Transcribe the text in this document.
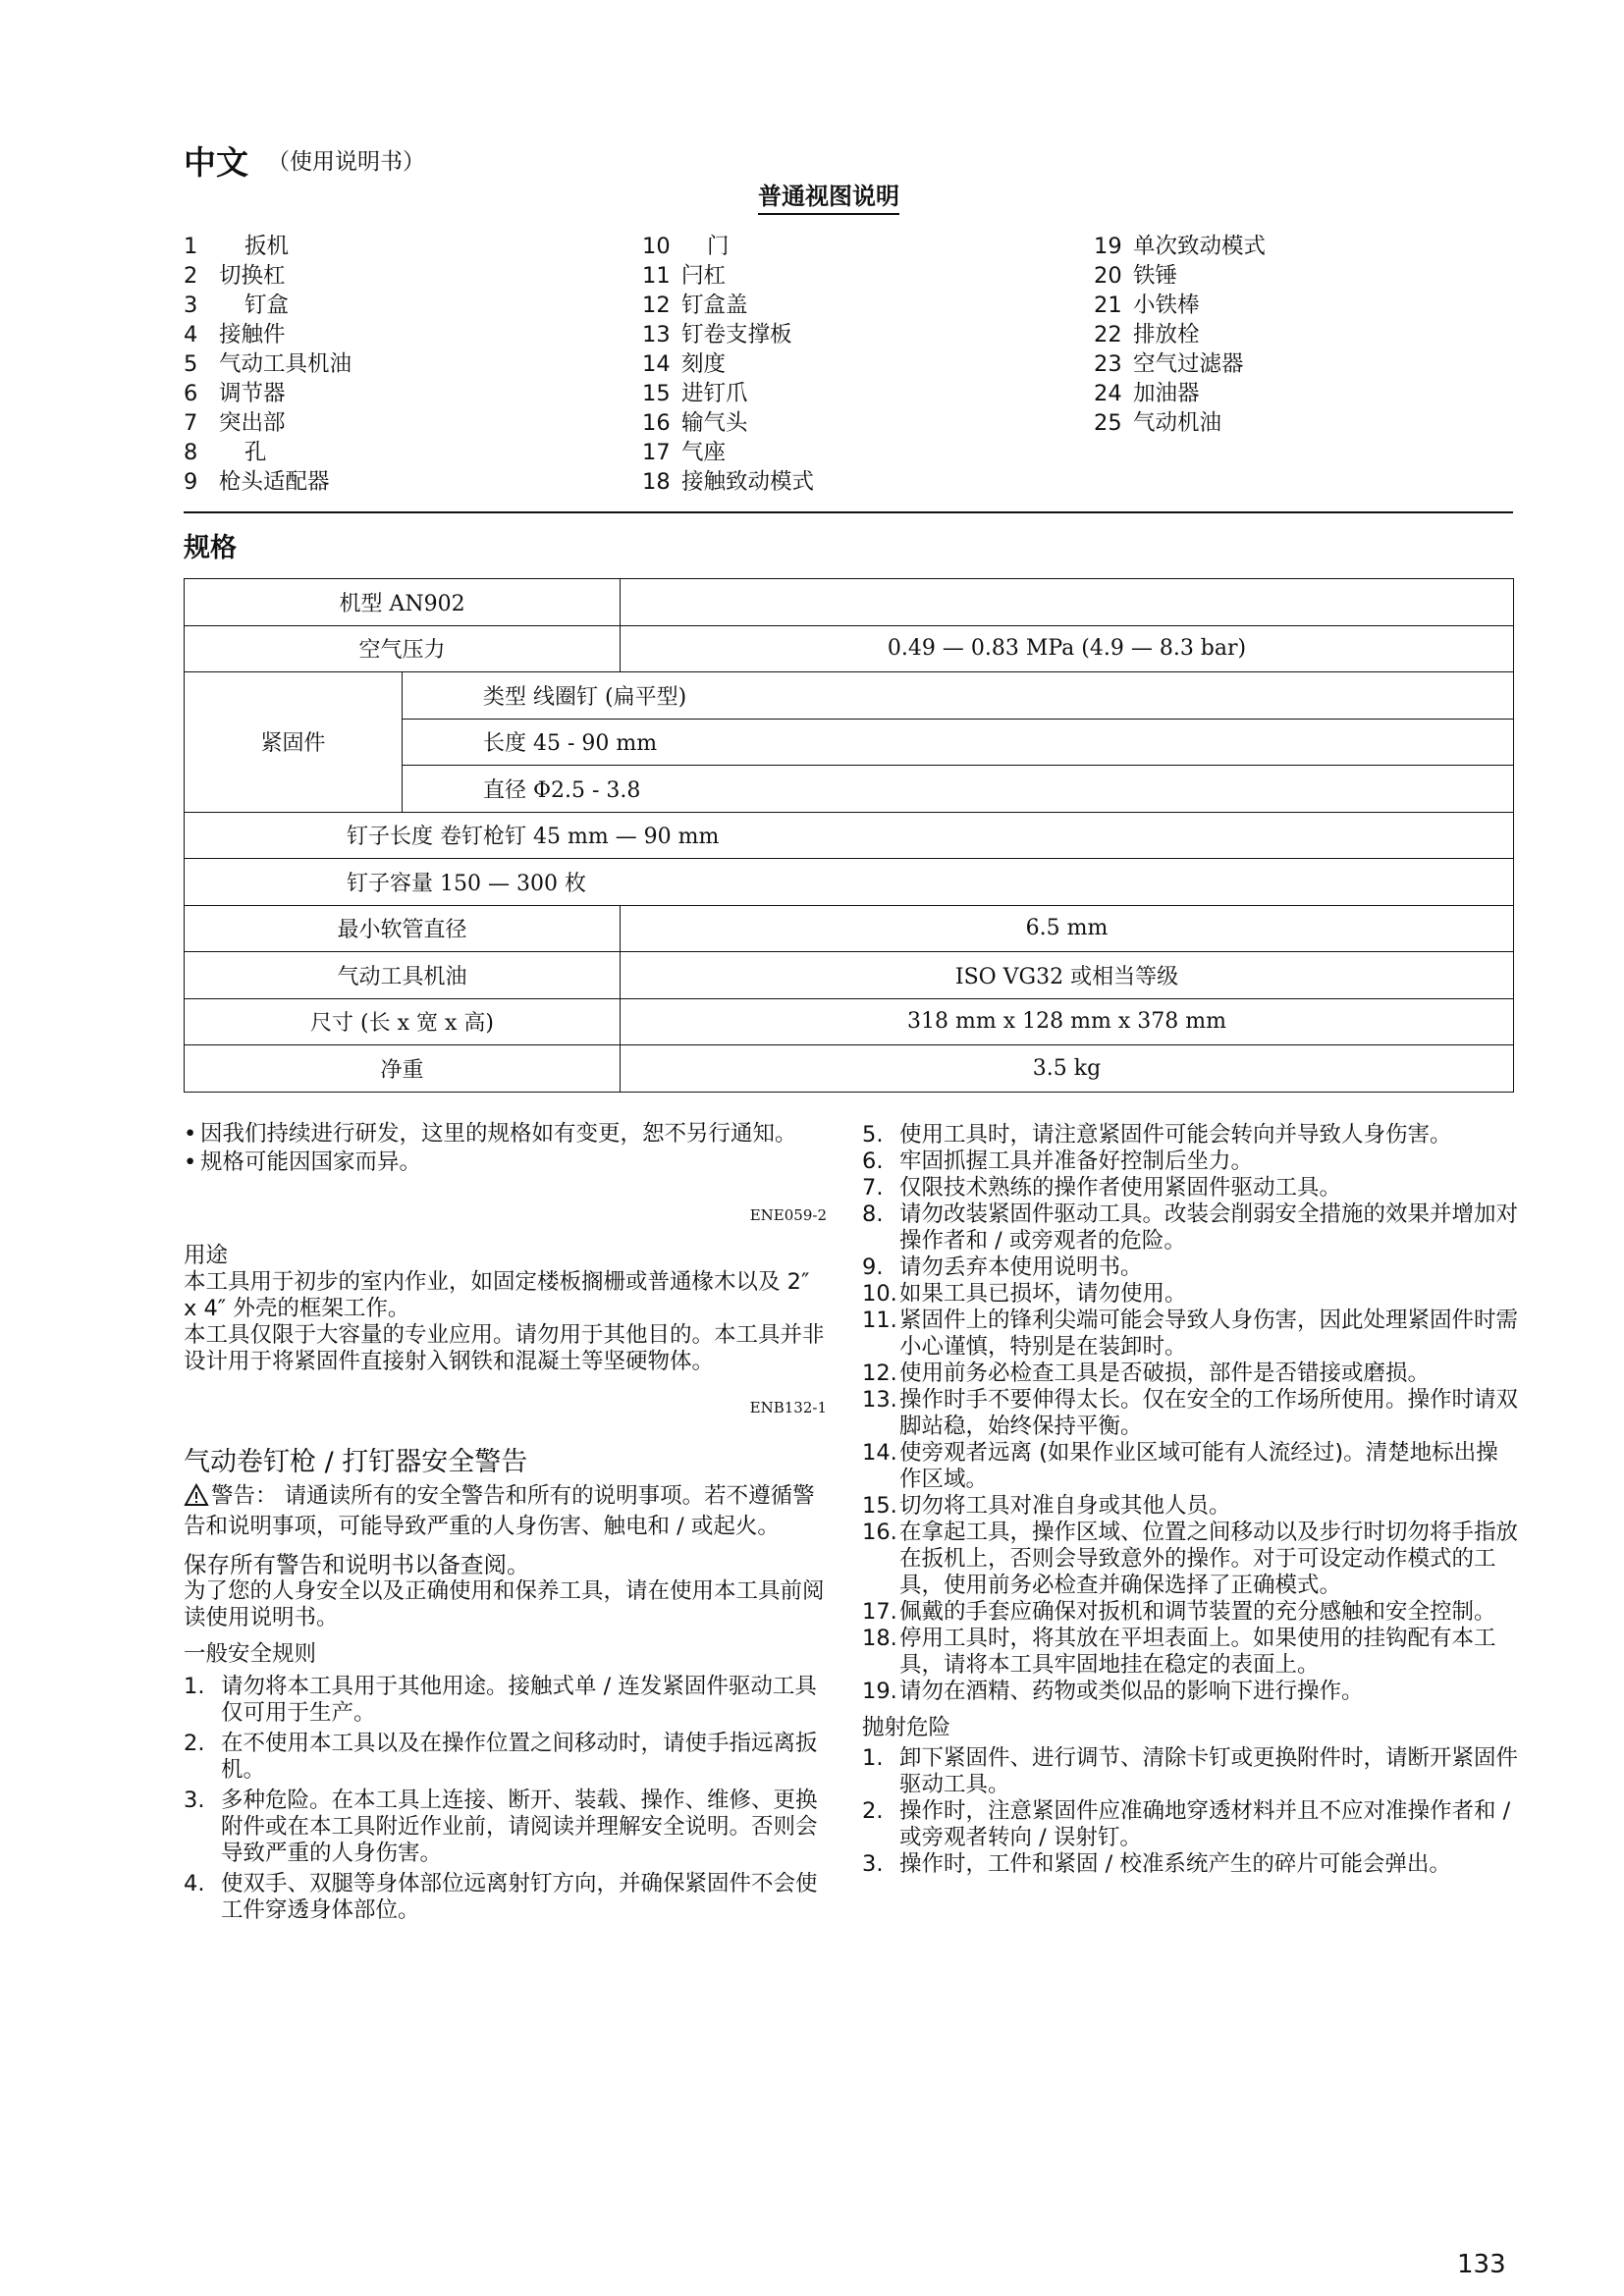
中文 （使用说明书）
普通视图说明
1	扳机
2 切换杠
3	钉盒
4 接触件
5 气动工具机油
6 调节器
7 突出部
8	孔
9 枪头适配器
10	门
11 闩杠
12 钉盒盖
13 钉卷支撑板
14 刻度
15 进钉爪
16 输气头
17 气座
18 接触致动模式
19 单次致动模式
20 铁锤
21 小铁棒
22 排放栓
23 空气过滤器
24 加油器
25 气动机油
规格
机型 AN902		
空气压力		0.49 — 0.83 MPa (4.9 — 8.3 bar)
紧固件	类型 线圈钉 (扁平型)	
	长度 45 - 90 mm	
	直径 Φ2.5 - 3.8	
钉子长度 卷钉枪钉 45 mm — 90 mm		
钉子容量 150 — 300 枚		
最小软管直径		6.5 mm
气动工具机油		ISO VG32 或相当等级
尺寸 (长 x 宽 x 高)		318 mm x 128 mm x 378 mm
净重		3.5 kg
• 因我们持续进行研发，这里的规格如有变更，恕不另行通知。
• 规格可能因国家而异。
ENE059-2
用途
本工具用于初步的室内作业，如固定楼板搁栅或普通椽木以及 2″ x 4″ 外壳的框架工作。
本工具仅限于大容量的专业应用。请勿用于其他目的。本工具并非设计用于将紧固件直接射入钢铁和混凝土等坚硬物体。
ENB132-1
气动卷钉枪 / 打钉器安全警告
警告： 请通读所有的安全警告和所有的说明事项。若不遵循警告和说明事项，可能导致严重的人身伤害、触电和 / 或起火。
保存所有警告和说明书以备查阅。
为了您的人身安全以及正确使用和保养工具，请在使用本工具前阅读使用说明书。
一般安全规则
1. 请勿将本工具用于其他用途。接触式单 / 连发紧固件驱动工具仅可用于生产。
2. 在不使用本工具以及在操作位置之间移动时，请使手指远离扳机。
3. 多种危险。在本工具上连接、断开、装载、操作、维修、更换附件或在本工具附近作业前，请阅读并理解安全说明。否则会导致严重的人身伤害。
4. 使双手、双腿等身体部位远离射钉方向，并确保紧固件不会使工件穿透身体部位。
5. 使用工具时，请注意紧固件可能会转向并导致人身伤害。
6. 牢固抓握工具并准备好控制后坐力。
7. 仅限技术熟练的操作者使用紧固件驱动工具。
8. 请勿改装紧固件驱动工具。改装会削弱安全措施的效果并增加对操作者和 / 或旁观者的危险。
9. 请勿丢弃本使用说明书。
10. 如果工具已损坏，请勿使用。
11. 紧固件上的锋利尖端可能会导致人身伤害，因此处理紧固件时需小心谨慎，特别是在装卸时。
12. 使用前务必检查工具是否破损，部件是否错接或磨损。
13. 操作时手不要伸得太长。仅在安全的工作场所使用。操作时请双脚站稳，始终保持平衡。
14. 使旁观者远离 (如果作业区域可能有人流经过)。清楚地标出操作区域。
15. 切勿将工具对准自身或其他人员。
16. 在拿起工具，操作区域、位置之间移动以及步行时切勿将手指放在扳机上，否则会导致意外的操作。对于可设定动作模式的工具，使用前务必检查并确保选择了正确模式。
17. 佩戴的手套应确保对扳机和调节装置的充分感触和安全控制。
18. 停用工具时，将其放在平坦表面上。如果使用的挂钩配有本工具，请将本工具牢固地挂在稳定的表面上。
19. 请勿在酒精、药物或类似品的影响下进行操作。
抛射危险
1. 卸下紧固件、进行调节、清除卡钉或更换附件时，请断开紧固件驱动工具。
2. 操作时，注意紧固件应准确地穿透材料并且不应对准操作者和 / 或旁观者转向 / 误射钉。
3. 操作时，工件和紧固 / 校准系统产生的碎片可能会弹出。
133
